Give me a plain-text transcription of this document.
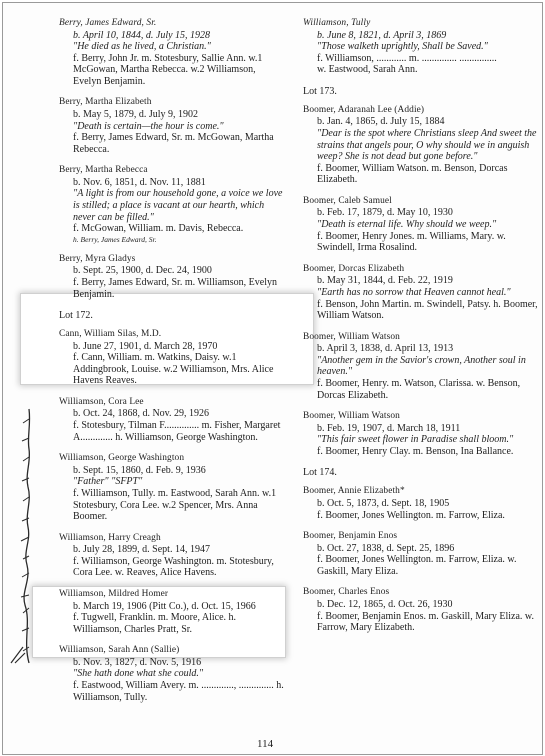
Berry, James Edward, Sr.
b. April 10, 1844, d. July 15, 1928
"He died as he lived, a Christian."
f. Berry, John Jr. m. Stotesbury, Sallie Ann. w.1 McGowan, Martha Rebecca. w.2 Williamson, Evelyn Benjamin.
Berry, Martha Elizabeth
b. May 5, 1879, d. July 9, 1902
"Death is certain—the hour is come."
f. Berry, James Edward, Sr. m. McGowan, Martha Rebecca.
Berry, Martha Rebecca
b. Nov. 6, 1851, d. Nov. 11, 1881
"A light is from our household gone, a voice we love is stilled; a place is vacant at our hearth, which never can be filled."
f. McGowan, William. m. Davis, Rebecca.
h. Berry, James Edward, Sr.
Berry, Myra Gladys
b. Sept. 25, 1900, d. Dec. 24, 1900
f. Berry, James Edward, Sr. m. Williamson, Evelyn Benjamin.
Lot 172.
Cann, William Silas, M.D.
b. June 27, 1901, d. March 28, 1970
f. Cann, William. m. Watkins, Daisy. w.1 Addingbrook, Louise. w.2 Williamson, Mrs. Alice Havens Reaves.
Williamson, Cora Lee
b. Oct. 24, 1868, d. Nov. 29, 1926
f. Stotesbury, Tilman F.............. m. Fisher, Margaret A............. h. Williamson, George Washington.
Williamson, George Washington
b. Sept. 15, 1860, d. Feb. 9, 1936
"Father" "SFPT"
f. Williamson, Tully. m. Eastwood, Sarah Ann. w.1 Stotesbury, Cora Lee. w.2 Spencer, Mrs. Anna Boomer.
Williamson, Harry Creagh
b. July 28, 1899, d. Sept. 14, 1947
f. Williamson, George Washington. m. Stotesbury, Cora Lee. w. Reaves, Alice Havens.
Williamson, Mildred Homer
b. March 19, 1906 (Pitt Co.), d. Oct. 15, 1966
f. Tugwell, Franklin. m. Moore, Alice. h. Williamson, Charles Pratt, Sr.
Williamson, Sarah Ann (Sallie)
b. Nov. 3, 1827, d. Nov. 5, 1916
"She hath done what she could."
f. Eastwood, William Avery. m. ............., .............. h. Williamson, Tully.
Williamson, Tully
b. June 8, 1821, d. April 3, 1869
"Those walketh uprightly, Shall be Saved."
f. Williamson, ............ m. .............. ...............
w. Eastwood, Sarah Ann.
Lot 173.
Boomer, Adaranah Lee (Addie)
b. Jan. 4, 1865, d. July 15, 1884
"Dear is the spot where Christians sleep And sweet the strains that angels pour, O why should we in anguish weep? She is not dead but gone before."
f. Boomer, William Watson. m. Benson, Dorcas Elizabeth.
Boomer, Caleb Samuel
b. Feb. 17, 1879, d. May 10, 1930
"Death is eternal life. Why should we weep."
f. Boomer, Henry Jones. m. Williams, Mary. w. Swindell, Irma Rosalind.
Boomer, Dorcas Elizabeth
b. May 31, 1844, d. Feb. 22, 1919
"Earth has no sorrow that Heaven cannot heal."
f. Benson, John Martin. m. Swindell, Patsy. h. Boomer, William Watson.
Boomer, William Watson
b. April 3, 1838, d. April 13, 1913
"Another gem in the Savior's crown, Another soul in heaven."
f. Boomer, Henry. m. Watson, Clarissa. w. Benson, Dorcas Elizabeth.
Boomer, William Watson
b. Feb. 19, 1907, d. March 18, 1911
"This fair sweet flower in Paradise shall bloom."
f. Boomer, Henry Clay. m. Benson, Ina Ballance.
Lot 174.
Boomer, Annie Elizabeth*
b. Oct. 5, 1873, d. Sept. 18, 1905
f. Boomer, Jones Wellington. m. Farrow, Eliza.
Boomer, Benjamin Enos
b. Oct. 27, 1838, d. Sept. 25, 1896
f. Boomer, Jones Wellington. m. Farrow, Eliza. w. Gaskill, Mary Eliza.
Boomer, Charles Enos
b. Dec. 12, 1865, d. Oct. 26, 1930
f. Boomer, Benjamin Enos. m. Gaskill, Mary Eliza. w. Farrow, Mary Elizabeth.
114
